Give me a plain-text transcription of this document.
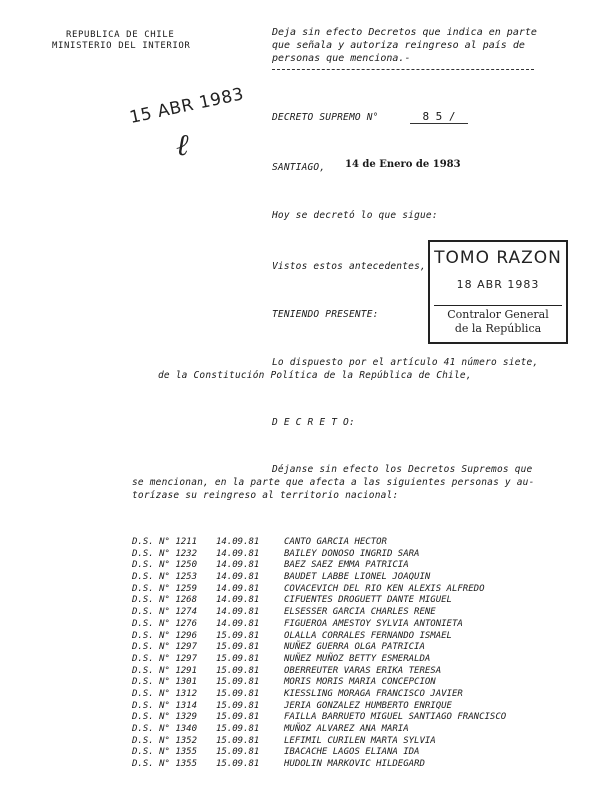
REPUBLICA DE CHILE
MINISTERIO DEL INTERIOR
Deja sin efecto Decretos que indica en parte que señala y autoriza reingreso al país de personas que menciona.-
15 ABR 1983
ℓ
DECRETO SUPREMO N°	8 5 /
SANTIAGO, 14 de Enero de 1983
Hoy se decretó lo que sigue:
Vistos estos antecedentes,
TENIENDO PRESENTE:
TOMO RAZON
18 ABR 1983
Contralor General
de la República
Lo dispuesto por el artículo 41 número siete,
de la Constitución Política de la República de Chile,
D E C R E T O:
Déjanse sin efecto los Decretos Supremos que
se mencionan, en la parte que afecta a las siguientes personas y au-
torízase su reingreso al territorio nacional:
D.S. N° 1211	14.09.81	CANTO GARCIA HECTOR
D.S. N° 1232	14.09.81	BAILEY DONOSO INGRID SARA
D.S. N° 1250	14.09.81	BAEZ SAEZ EMMA PATRICIA
D.S. N° 1253	14.09.81	BAUDET LABBE LIONEL JOAQUIN
D.S. N° 1259	14.09.81	COVACEVICH DEL RIO KEN ALEXIS ALFREDO
D.S. N° 1268	14.09.81	CIFUENTES DROGUETT DANTE MIGUEL
D.S. N° 1274	14.09.81	ELSESSER GARCIA CHARLES RENE
D.S. N° 1276	14.09.81	FIGUEROA AMESTOY SYLVIA ANTONIETA
D.S. N° 1296	15.09.81	OLALLA CORRALES FERNANDO ISMAEL
D.S. N° 1297	15.09.81	NUÑEZ GUERRA OLGA PATRICIA
D.S. N° 1297	15.09.81	NUÑEZ MUÑOZ BETTY ESMERALDA
D.S. N° 1291	15.09.81	OBERREUTER VARAS ERIKA TERESA
D.S. N° 1301	15.09.81	MORIS MORIS MARIA CONCEPCION
D.S. N° 1312	15.09.81	KIESSLING MORAGA FRANCISCO JAVIER
D.S. N° 1314	15.09.81	JERIA GONZALEZ HUMBERTO ENRIQUE
D.S. N° 1329	15.09.81	FAILLA BARRUETO MIGUEL SANTIAGO FRANCISCO
D.S. N° 1340	15.09.81	MUÑOZ ALVAREZ ANA MARIA
D.S. N° 1352	15.09.81	LEFIMIL CURILEN MARTA SYLVIA
D.S. N° 1355	15.09.81	IBACACHE LAGOS ELIANA IDA
D.S. N° 1355	15.09.81	HUDOLIN MARKOVIC HILDEGARD
